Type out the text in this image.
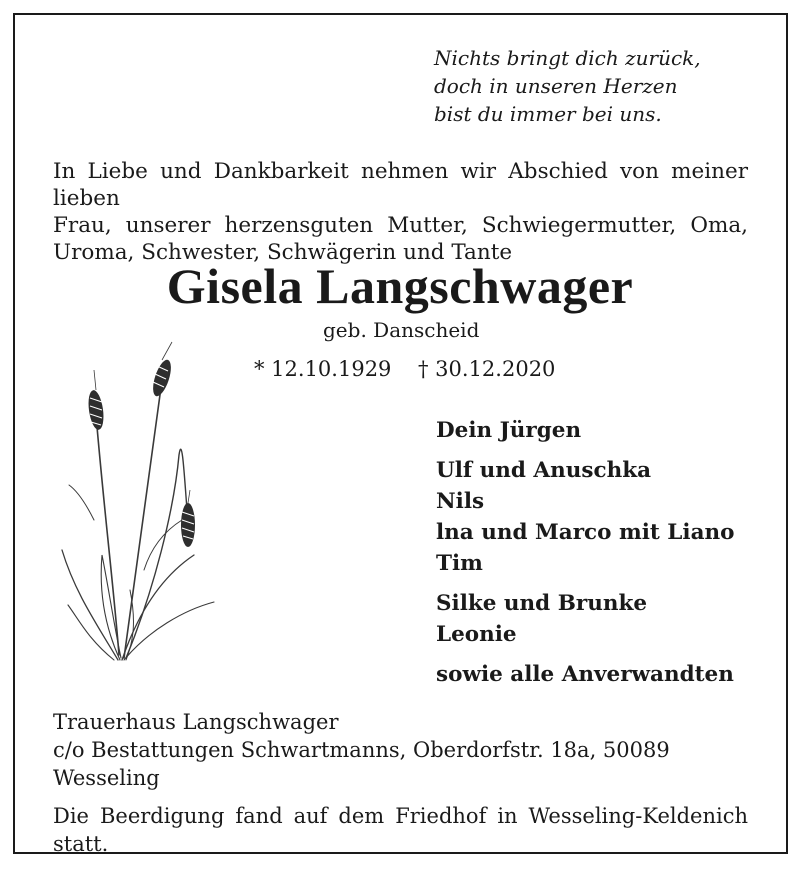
Nichts bringt dich zurück,
doch in unseren Herzen
bist du immer bei uns.
In Liebe und Dankbarkeit nehmen wir Abschied von meiner lieben
Frau, unserer herzensguten Mutter, Schwiegermutter, Oma,
Uroma, Schwester, Schwägerin und Tante
Gisela Langschwager
geb. Danscheid
* 12.10.1929 † 30.12.2020
Dein Jürgen
Ulf und Anuschka
Nils
lna und Marco mit Liano
Tim
Silke und Brunke
Leonie
sowie alle Anverwandten
Trauerhaus Langschwager
c/o Bestattungen Schwartmanns, Oberdorfstr. 18a, 50089 Wesseling
Die Beerdigung fand auf dem Friedhof in Wesseling-Keldenich
statt.
